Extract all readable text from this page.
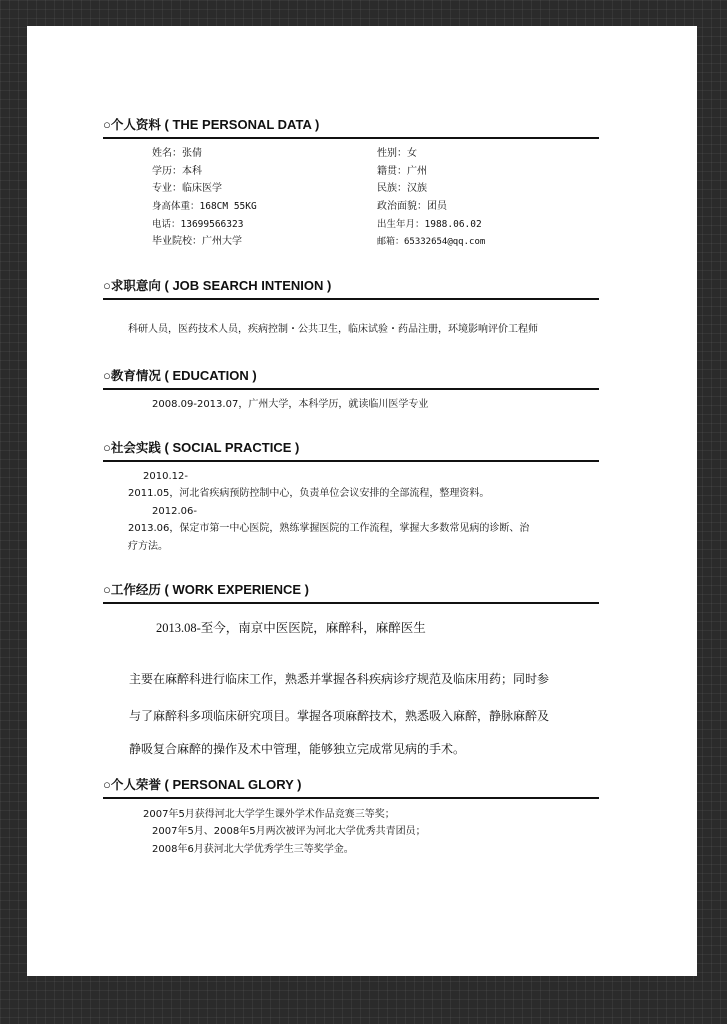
○个人资料 ( THE PERSONAL DATA )
姓名：张倩
学历：本科
专业：临床医学
身高体重：168CM 55KG
电话：13699566323
毕业院校：广州大学
性别：女
籍贯：广州
民族：汉族
政治面貌：团员
出生年月：1988.06.02
邮箱：65332654@qq.com
○求职意向 ( JOB SEARCH INTENION )
科研人员，医药技术人员，疾病控制・公共卫生，临床试验・药品注册，环境影响评价工程师
○教育情况 ( EDUCATION )
2008.09-2013.07，广州大学，本科学历，就读临川医学专业
○社会实践 ( SOCIAL PRACTICE )
2010.12-
2011.05，河北省疾病预防控制中心，负责单位会议安排的全部流程，整理资料。
2012.06-
2013.06，保定市第一中心医院，熟练掌握医院的工作流程，掌握大多数常见病的诊断、治
疗方法。
○工作经历 ( WORK EXPERIENCE )
2013.08-至今，南京中医医院，麻醉科，麻醉医生
主要在麻醉科进行临床工作，熟悉并掌握各科疾病诊疗规范及临床用药；同时参
与了麻醉科多项临床研究项目。掌握各项麻醉技术，熟悉吸入麻醉，静脉麻醉及
静吸复合麻醉的操作及术中管理，能够独立完成常见病的手术。
○个人荣誉 ( PERSONAL GLORY )
2007年5月获得河北大学学生课外学术作品竞赛三等奖；
2007年5月、2008年5月两次被评为河北大学优秀共青团员；
2008年6月获河北大学优秀学生三等奖学金。
